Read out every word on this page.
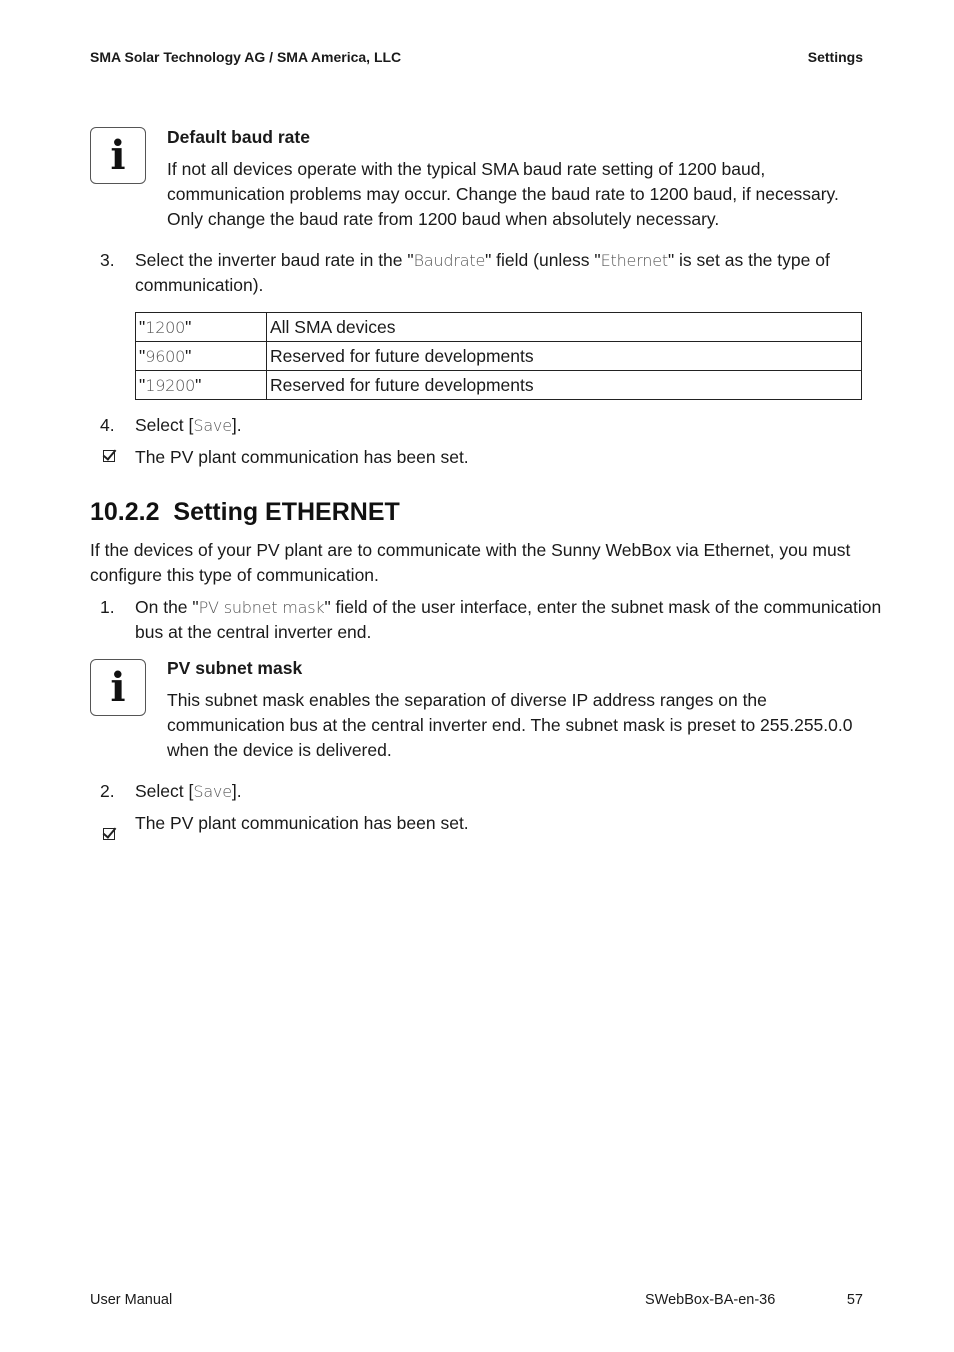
SMA Solar Technology AG / SMA America, LLC	Settings
i Default baud rate
If not all devices operate with the typical SMA baud rate setting of 1200 baud,
communication problems may occur. Change the baud rate to 1200 baud, if necessary.
Only change the baud rate from 1200 baud when absolutely necessary.
3.	Select the inverter baud rate in the "Baudrate" field (unless "Ethernet" is set as the type of
communication).
"1200"	All SMA devices
"9600"	Reserved for future developments
"19200"	Reserved for future developments
4.	Select [Save].
The PV plant communication has been set.
10.2.2  Setting ETHERNET
If the devices of your PV plant are to communicate with the Sunny WebBox via Ethernet, you must
configure this type of communication.
1.	On the "PV subnet mask" field of the user interface, enter the subnet mask of the communication
bus at the central inverter end.
i PV subnet mask
This subnet mask enables the separation of diverse IP address ranges on the
communication bus at the central inverter end. The subnet mask is preset to 255.255.0.0
when the device is delivered.
2.	Select [Save].
The PV plant communication has been set.
User Manual	SWebBox-BA-en-36	57
